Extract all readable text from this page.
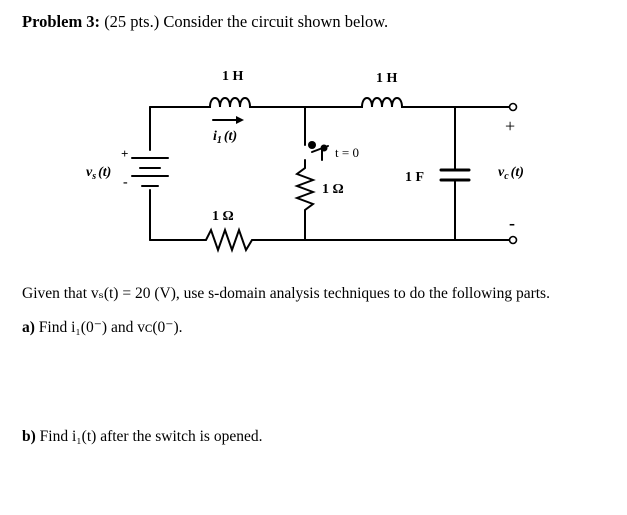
Problem 3: (25 pts.) Consider the circuit shown below.
1 H	1 H
$i_1$ (t)
t = 0
1 Ω
1 Ω
1 F
$v_s$ (t)
+
-
$v_c$ (t)
+
-
Given that vₛ(t) = 20 (V), use s-domain analysis techniques to do the following parts.
a) Find i₁(0⁻) and vᴄ(0⁻).
b) Find i₁(t) after the switch is opened.
